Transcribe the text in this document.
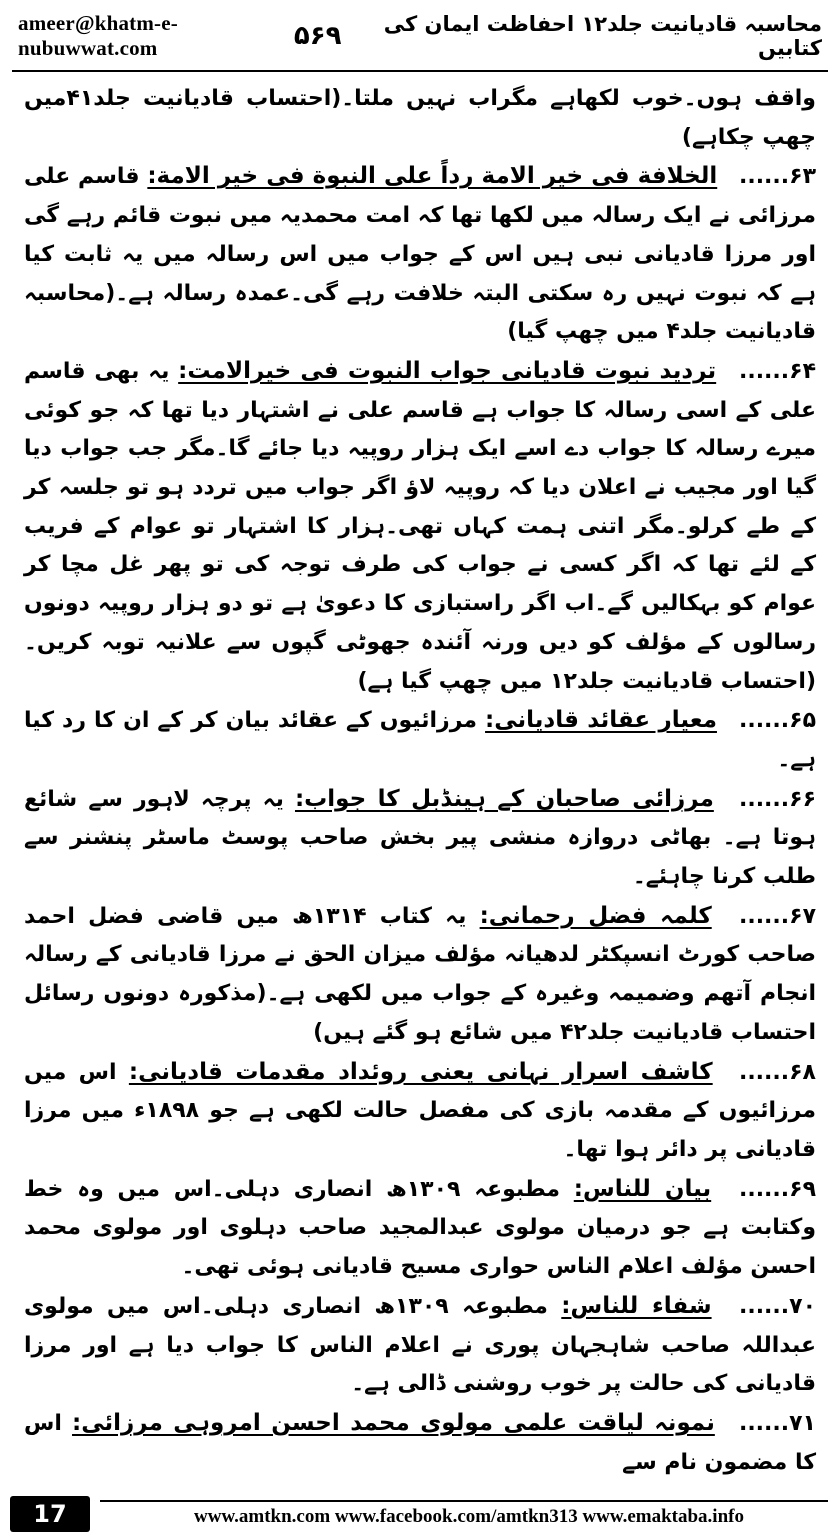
ameer@khatm-e-nubuwwat.com
محاسبہ قادیانیت جلد۱۲ احفاظت ایمان کی کتابیں
۵۶۹

واقف ہوں۔خوب لکھاہے مگراب نہیں ملتا۔(احتساب قادیانیت جلد۴۱میں چھپ چکاہے)

۶۳...... الخلافة فی خیر الامة رداً علی النبوة فی خیر الامة: قاسم علی مرزائی نے ایک رسالہ میں لکھا تھا کہ امت محمدیہ میں نبوت قائم رہے گی اور مرزا قادیانی نبی ہیں اس کے جواب میں اس رسالہ میں یہ ثابت کیا ہے کہ نبوت نہیں رہ سکتی البتہ خلافت رہے گی۔عمدہ رسالہ ہے۔(محاسبہ قادیانیت جلد۴ میں چھپ گیا)

۶۴...... تردید نبوت قادیانی جواب النبوت فی خیرالامت: یہ بھی قاسم علی کے اسی رسالہ کا جواب ہے قاسم علی نے اشتہار دیا تھا کہ جو کوئی میرے رسالہ کا جواب دے اسے ایک ہزار روپیہ دیا جائے گا۔مگر جب جواب دیا گیا اور مجیب نے اعلان دیا کہ روپیہ لاؤ اگر جواب میں تردد ہو تو جلسہ کر کے طے کرلو۔مگر اتنی ہمت کہاں تھی۔ہزار کا اشتہار تو عوام کے فریب کے لئے تھا کہ اگر کسی نے جواب کی طرف توجہ کی تو پھر غل مچا کر عوام کو بہکالیں گے۔اب اگر راستبازی کا دعویٰ ہے تو دو ہزار روپیہ دونوں رسالوں کے مؤلف کو دیں ورنہ آئندہ جھوٹی گپوں سے علانیہ توبہ کریں۔(احتساب قادیانیت جلد۱۲ میں چھپ گیا ہے)

۶۵...... معیار عقائد قادیانی: مرزائیوں کے عقائد بیان کر کے ان کا رد کیا ہے۔

۶۶...... مرزائی صاحبان کے ہینڈبل کا جواب: یہ پرچہ لاہور سے شائع ہوتا ہے۔ بھاٹی دروازہ منشی پیر بخش صاحب پوسٹ ماسٹر پنشنر سے طلب کرنا چاہئے۔

۶۷...... کلمہ فضل رحمانی: یہ کتاب ۱۳۱۴ھ میں قاضی فضل احمد صاحب کورٹ انسپکٹر لدھیانہ مؤلف میزان الحق نے مرزا قادیانی کے رسالہ انجام آتھم وضمیمہ وغیرہ کے جواب میں لکھی ہے۔(مذکورہ دونوں رسائل احتساب قادیانیت جلد۴۲ میں شائع ہو گئے ہیں)

۶۸...... کاشف اسرار نہانی یعنی روئداد مقدمات قادیانی: اس میں مرزائیوں کے مقدمہ بازی کی مفصل حالت لکھی ہے جو ۱۸۹۸ء میں مرزا قادیانی پر دائر ہوا تھا۔

۶۹...... بیان للناس: مطبوعہ ۱۳۰۹ھ انصاری دہلی۔اس میں وہ خط وکتابت ہے جو درمیان مولوی عبدالمجید صاحب دہلوی اور مولوی محمد احسن مؤلف اعلام الناس حواری مسیح قادیانی ہوئی تھی۔

۷۰...... شفاء للناس: مطبوعہ ۱۳۰۹ھ انصاری دہلی۔اس میں مولوی عبداللہ صاحب شاہجہان پوری نے اعلام الناس کا جواب دیا ہے اور مرزا قادیانی کی حالت پر خوب روشنی ڈالی ہے۔

۷۱...... نمونہ لیاقت علمی مولوی محمد احسن امروہی مرزائی: اس کا مضمون نام سے

17	www.amtkn.com www.facebook.com/amtkn313 www.emaktaba.info
